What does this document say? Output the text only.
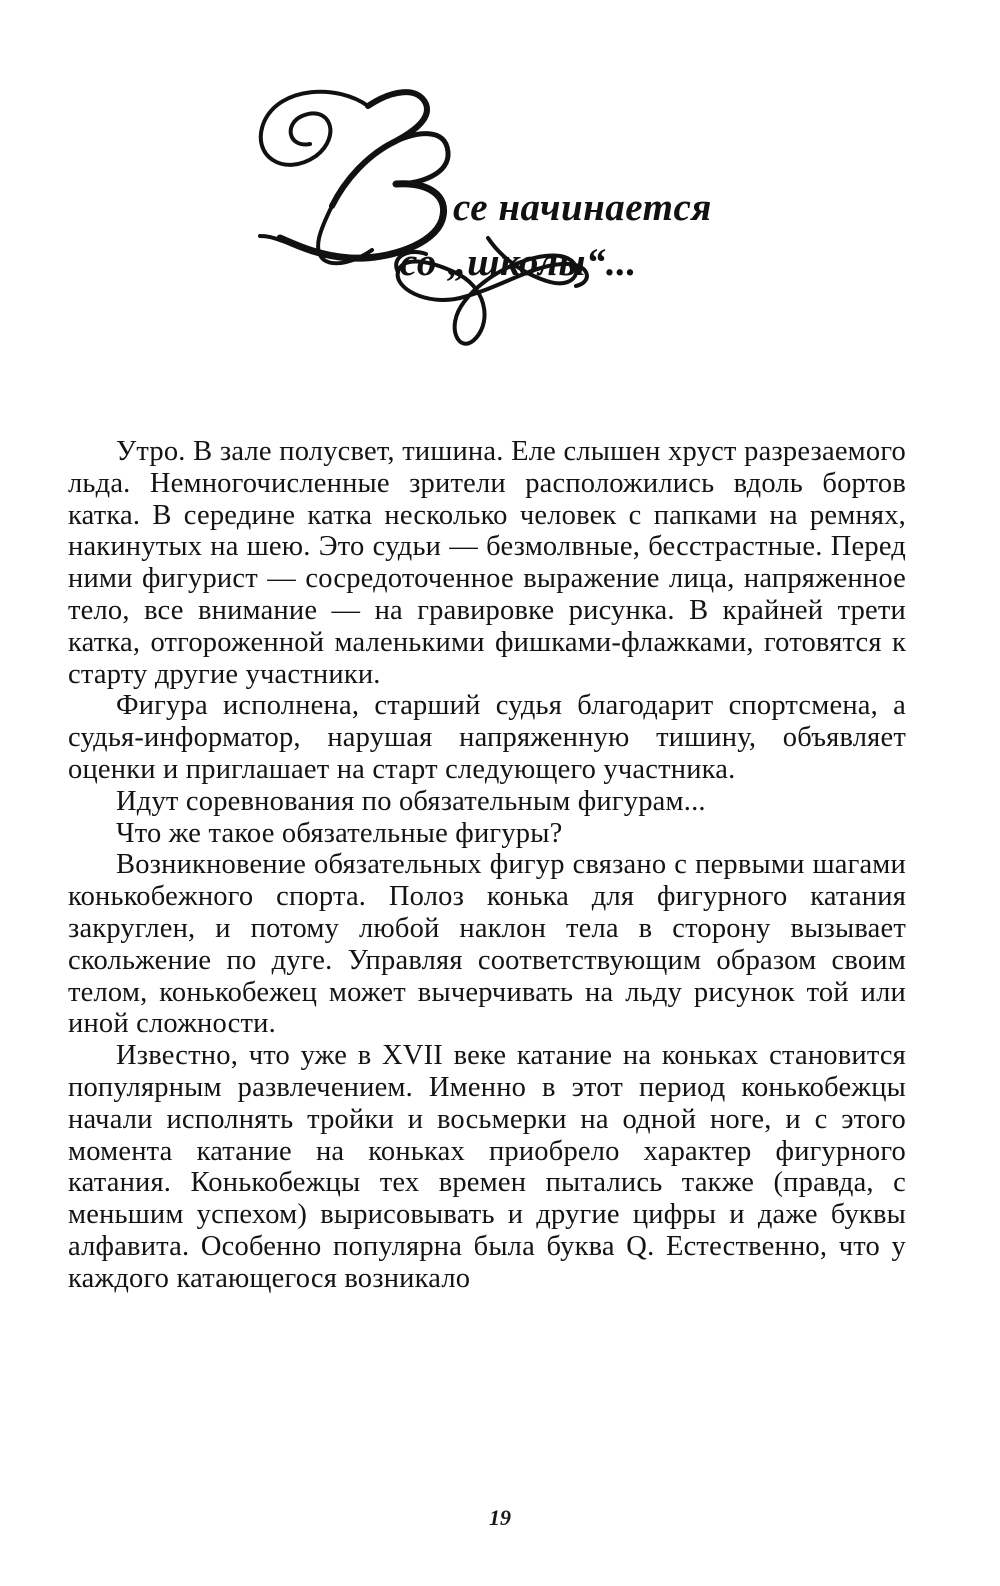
се начинается
со „школы“...

Утро. В зале полусвет, тишина. Еле слышен хруст разрезаемого льда. Немногочисленные зрители расположились вдоль бортов катка. В середине катка несколько человек с папками на ремнях, накинутых на шею. Это судьи — безмолвные, бесстрастные. Перед ними фигурист — сосредоточенное выражение лица, напряженное тело, все внимание — на гравировке рисунка. В крайней трети катка, отгороженной маленькими фишками-флажками, готовятся к старту другие участники.

Фигура исполнена, старший судья благодарит спортсмена, а судья-информатор, нарушая напряженную тишину, объявляет оценки и приглашает на старт следующего участника.

Идут соревнования по обязательным фигурам...

Что же такое обязательные фигуры?

Возникновение обязательных фигур связано с первыми шагами конькобежного спорта. Полоз конька для фигурного катания закруглен, и потому любой наклон тела в сторону вызывает скольжение по дуге. Управляя соответствующим образом своим телом, конькобежец может вычерчивать на льду рисунок той или иной сложности.

Известно, что уже в XVII веке катание на коньках становится популярным развлечением. Именно в этот период конькобежцы начали исполнять тройки и восьмерки на одной ноге, и с этого момента катание на коньках приобрело характер фигурного катания. Конькобежцы тех времен пытались также (правда, с меньшим успехом) вырисовывать и другие цифры и даже буквы алфавита. Особенно популярна была буква Q. Естественно, что у каждого катающегося возникало

19
